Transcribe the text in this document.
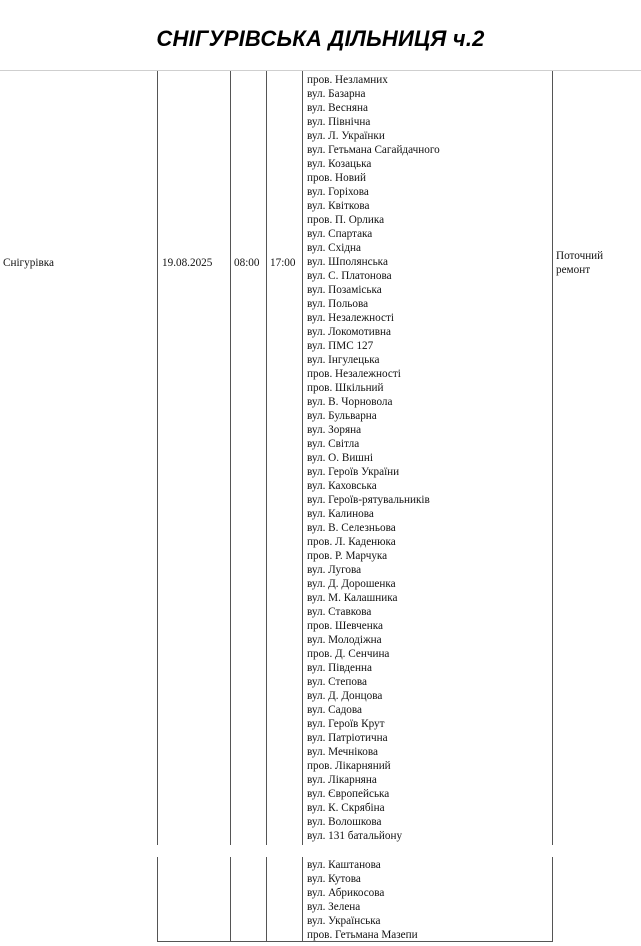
СНІГУРІВСЬКА ДІЛЬНИЦЯ ч.2
Снігурівка	19.08.2025 08:00 17:00
Поточний
ремонт
пров. Незламних
вул. Базарна
вул. Весняна
вул. Північна
вул. Л. Українки
вул. Гетьмана Сагайдачного
вул. Козацька
пров. Новий
вул. Горіхова
вул. Квіткова
пров. П. Орлика
вул. Спартака
вул. Східна
вул. Шполянська
вул. С. Платонова
вул. Позаміська
вул. Польова
вул. Незалежності
вул. Локомотивна
вул. ПМС 127
вул. Інгулецька
пров. Незалежності
пров. Шкільний
вул. В. Чорновола
вул. Бульварна
вул. Зоряна
вул. Світла
вул. О. Вишні
вул. Героїв України
вул. Каховська
вул. Героїв-рятувальників
вул. Калинова
вул. В. Селезньова
пров. Л. Каденюка
пров. Р. Марчука
вул. Лугова
вул. Д. Дорошенка
вул. М. Калашника
вул. Ставкова
пров. Шевченка
вул. Молодіжна
пров. Д. Сенчина
вул. Південна
вул. Степова
вул. Д. Донцова
вул. Садова
вул. Героїв Крут
вул. Патріотична
вул. Мечнікова
пров. Лікарняний
вул. Лікарняна
вул. Європейська
вул. К. Скрябіна
вул. Волошкова
вул. 131 батальйону
вул. Каштанова
вул. Кутова
вул. Абрикосова
вул. Зелена
вул. Українська
пров. Гетьмана Мазепи
